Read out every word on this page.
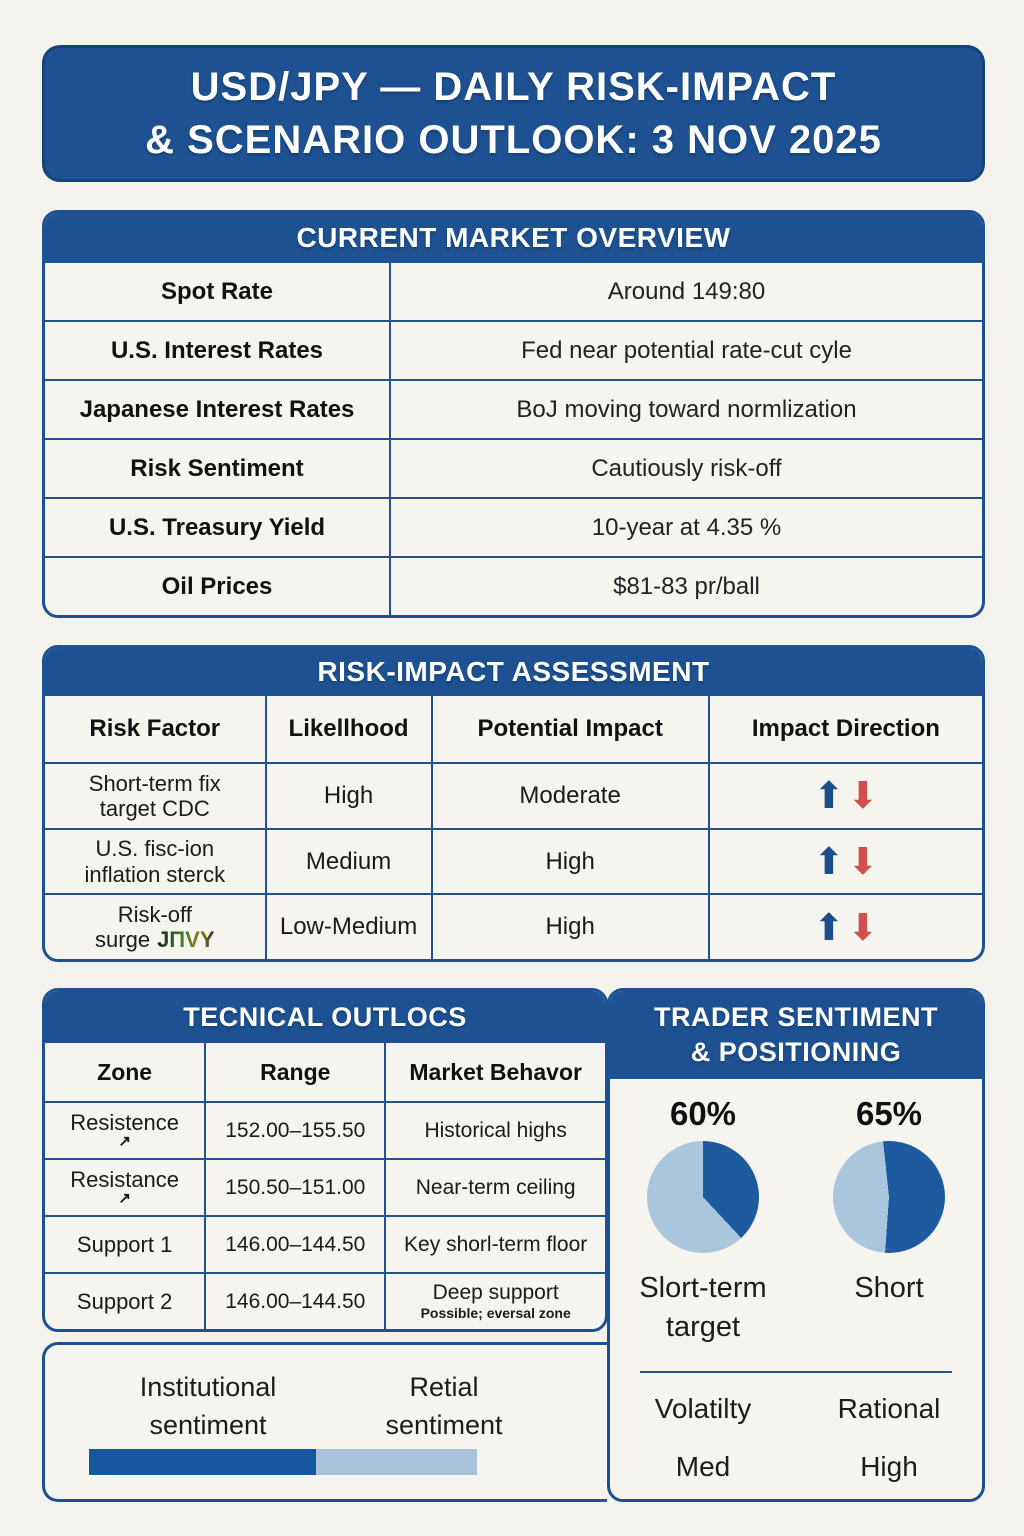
USD/JPY — DAILY RISK-IMPACT
& SCENARIO OUTLOOK: 3 NOV 2025
CURRENT MARKET OVERVIEW
Spot Rate	Around 149:80
U.S. Interest Rates	Fed near potential rate-cut cyle
Japanese Interest Rates	BoJ moving toward normlization
Risk Sentiment	Cautiously risk-off
U.S. Treasury Yield	10-year at 4.35 %
Oil Prices	$81-83 pr/ball
RISK-IMPACT ASSESSMENT
Risk Factor	Likellhood	Potential Impact	Impact Direction
Short-term fix
target CDC	High	Moderate	⬆ ⬇
U.S. fisc-ion
inflation sterck	Medium	High	⬆ ⬇
Risk-off
surge JΠVY	Low-Medium	High	⬆ ⬇
TECNICAL OUTLOCS
Zone	Range	Market Behavor
Resistence
↗
152.00–155.50	Historical highs
Resistance
↗
150.50–151.00	Near-term ceiling
Support 1	146.00–144.50	Key shorl-term floor
Support 2	146.00–144.50	Deep support
Possible; eversal zone
TRADER SENTIMENT
& POSITIONING
60%	65%
Slort-term
target
Short
Volatilty
Med
Rational
High
Institutional
sentiment
Retial
sentiment
